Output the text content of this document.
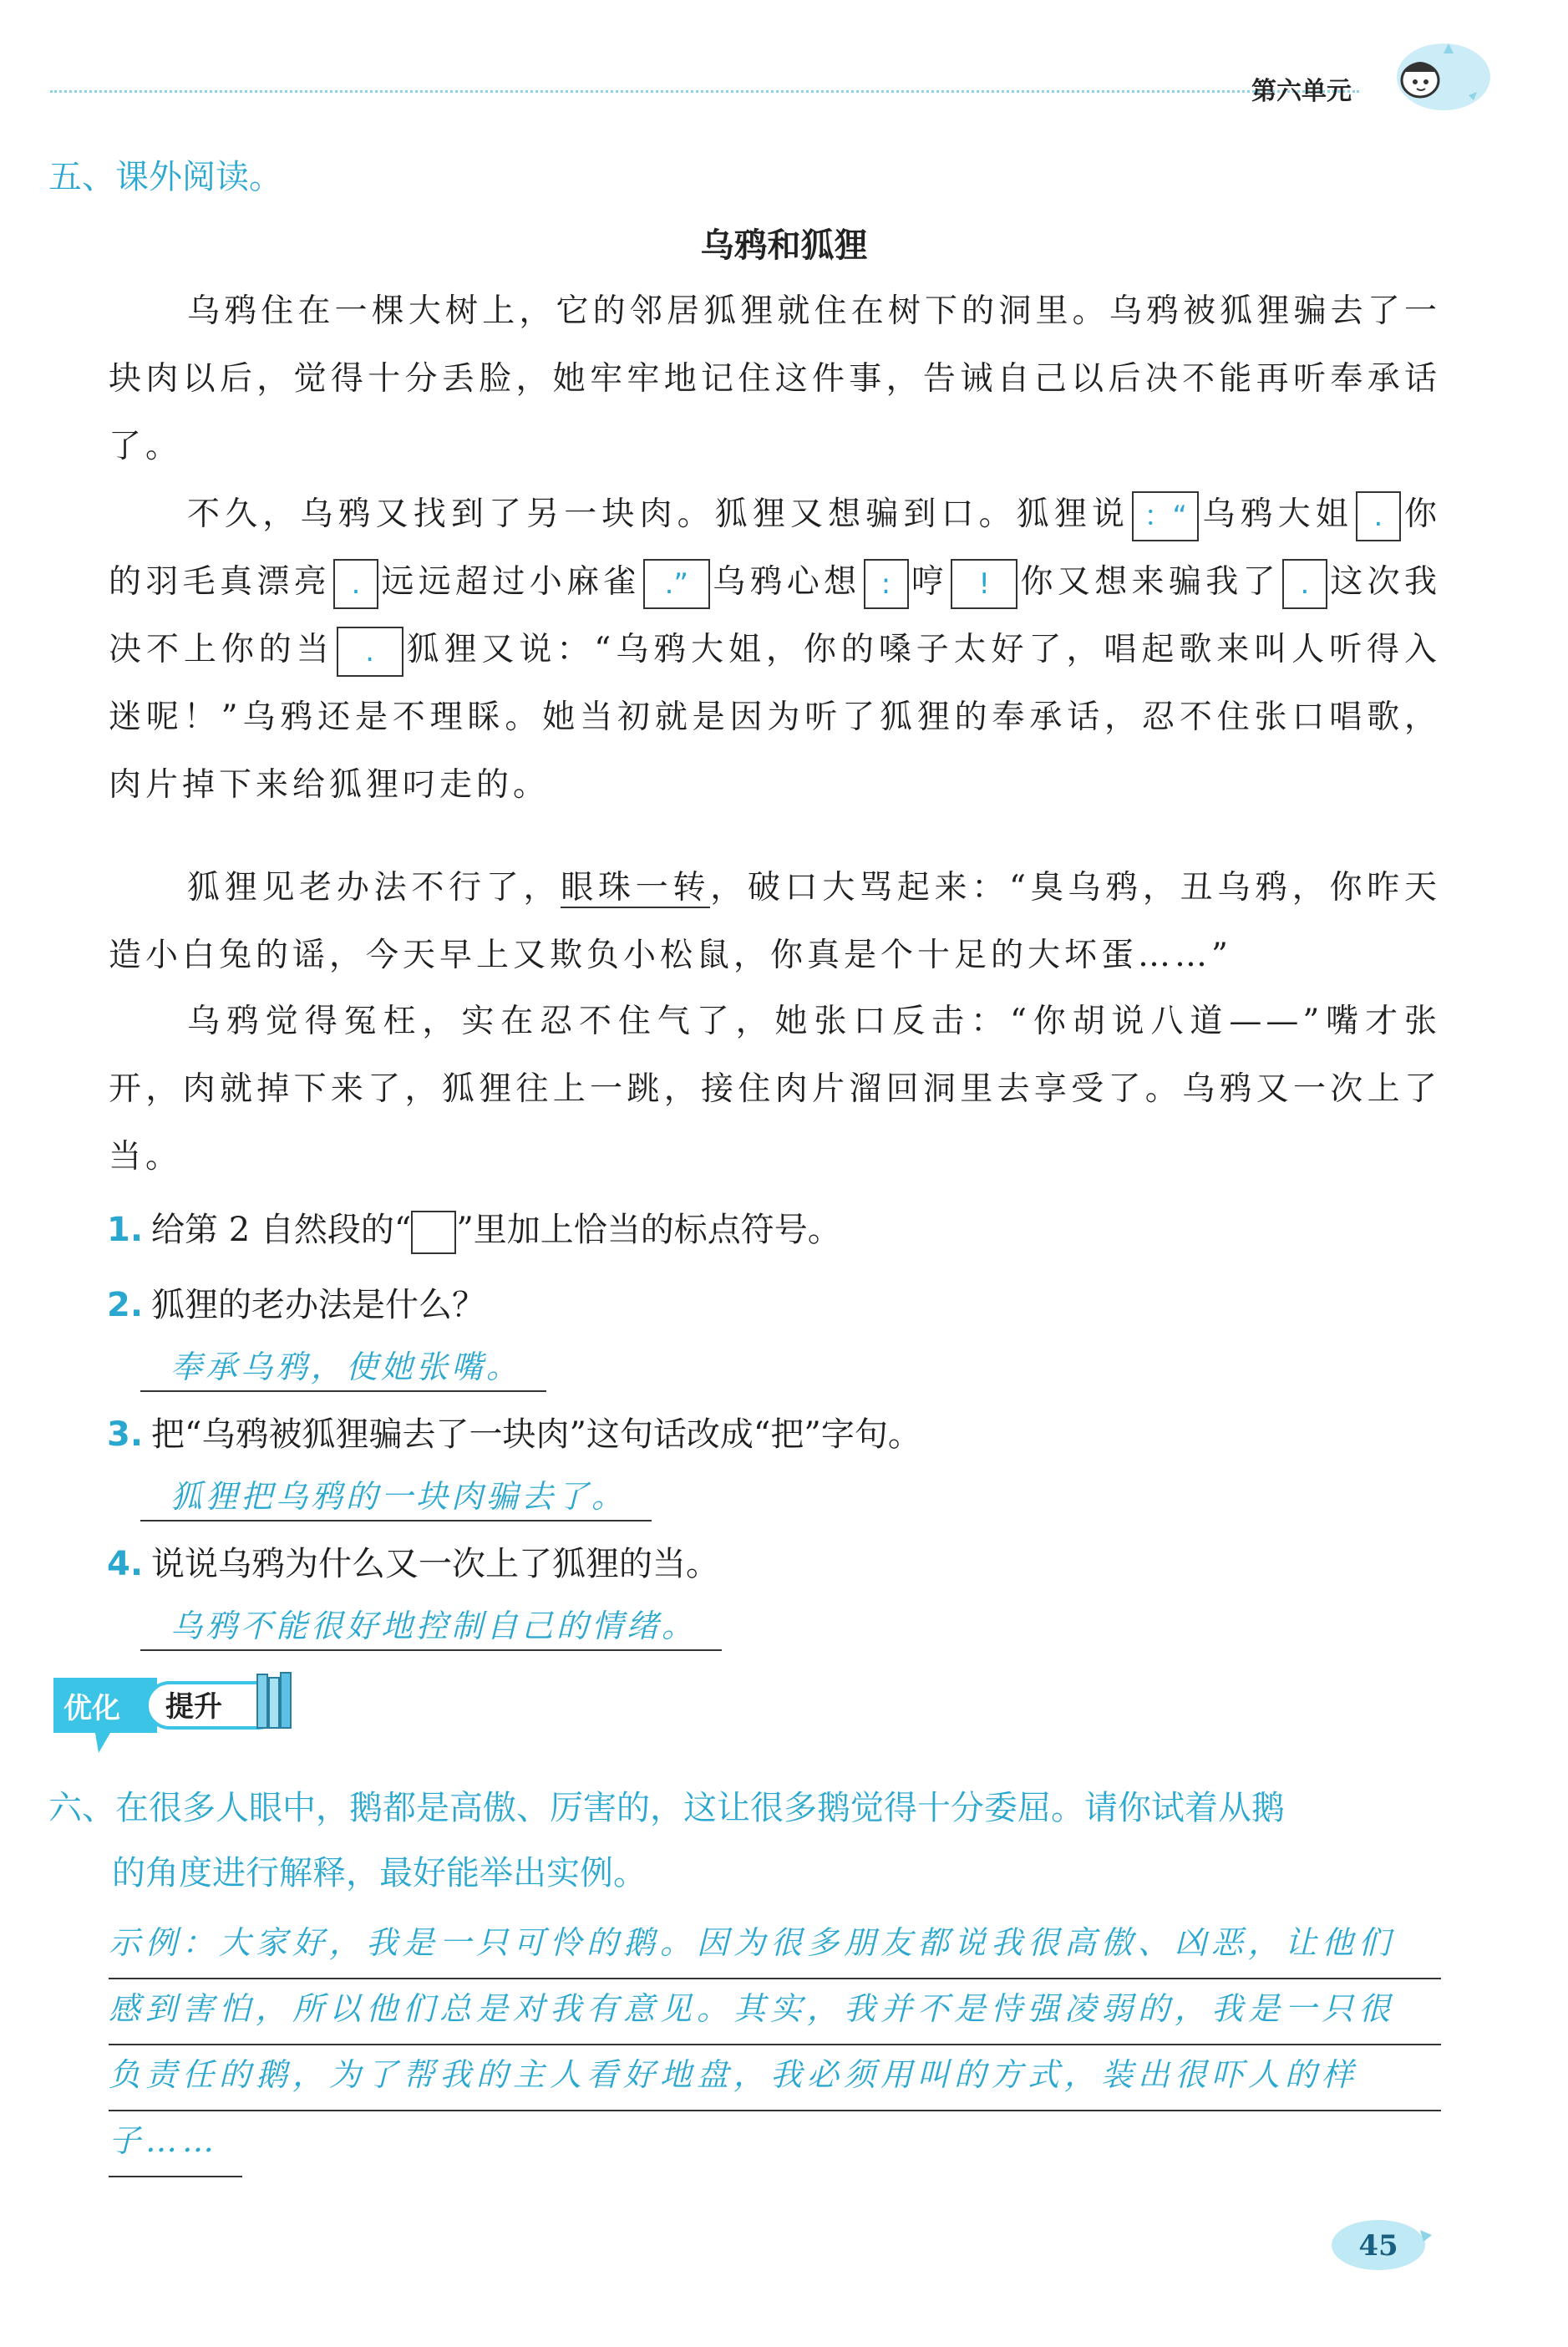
第六单元
五、课外阅读。
乌鸦和狐狸
乌鸦住在一棵大树上，它的邻居狐狸就住在树下的洞里。乌鸦被狐狸骗去了一块肉以后，觉得十分丢脸，她牢牢地记住这件事，告诫自己以后决不能再听奉承话了。
不久，乌鸦又找到了另一块肉。狐狸又想骗到口。狐狸说 ：“ 乌鸦大姐 . 你的羽毛真漂亮 . 远远超过小麻雀 .” 乌鸦心想 : 哼 ! 你又想来骗我了 . 这次我决不上你的当 . 狐狸又说：“乌鸦大姐，你的嗓子太好了，唱起歌来叫人听得入迷呢！”乌鸦还是不理睬。她当初就是因为听了狐狸的奉承话，忍不住张口唱歌，肉片掉下来给狐狸叼走的。
狐狸见老办法不行了，眼珠一转，破口大骂起来：“臭乌鸦，丑乌鸦，你昨天造小白兔的谣，今天早上又欺负小松鼠，你真是个十足的大坏蛋……”
乌鸦觉得冤枉，实在忍不住气了，她张口反击：“你胡说八道——”嘴才张开，肉就掉下来了，狐狸往上一跳，接住肉片溜回洞里去享受了。乌鸦又一次上了当。
1. 给第 2 自然段的“ ”里加上恰当的标点符号。
2. 狐狸的老办法是什么？
奉承乌鸦，使她张嘴。
3. 把“乌鸦被狐狸骗去了一块肉”这句话改成“把”字句。
狐狸把乌鸦的一块肉骗去了。
4. 说说乌鸦为什么又一次上了狐狸的当。
乌鸦不能很好地控制自己的情绪。
优化 提升
六、在很多人眼中，鹅都是高傲、厉害的，这让很多鹅觉得十分委屈。请你试着从鹅
的角度进行解释，最好能举出实例。
示例：大家好，我是一只可怜的鹅。因为很多朋友都说我很高傲、凶恶，让他们
感到害怕，所以他们总是对我有意见。其实，我并不是恃强凌弱的，我是一只很
负责任的鹅，为了帮我的主人看好地盘，我必须用叫的方式，装出很吓人的样
子……
45
